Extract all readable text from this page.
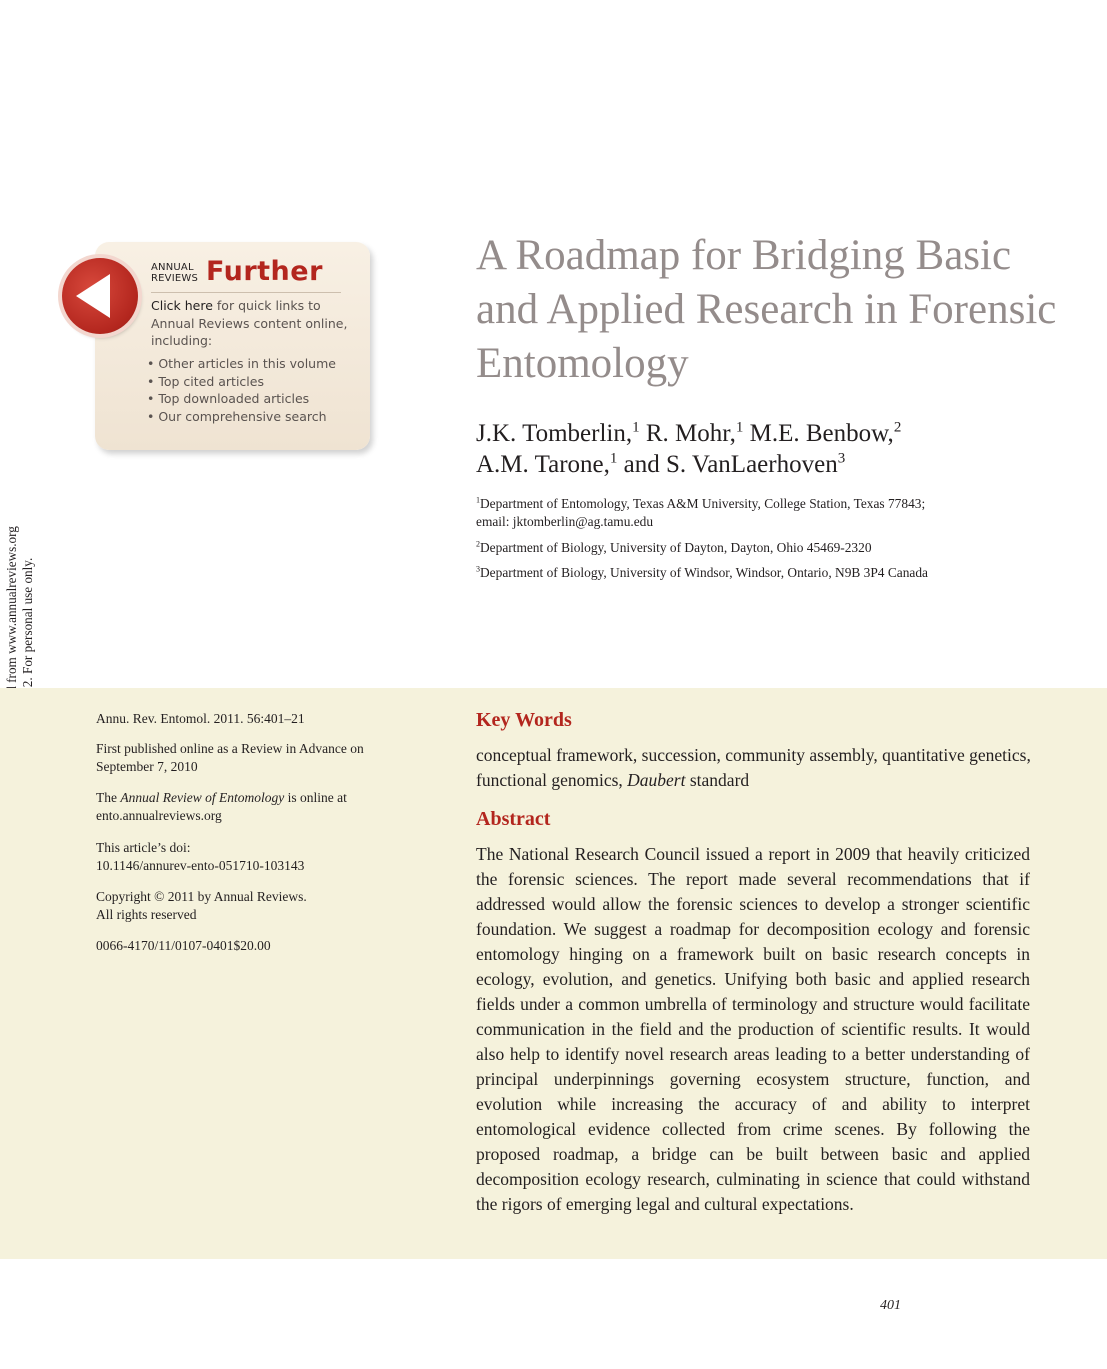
ANNUAL
REVIEWS Further
Click here for quick links to Annual Reviews content online, including:
• Other articles in this volume
• Top cited articles
• Top downloaded articles
• Our comprehensive search
A Roadmap for Bridging Basic and Applied Research in Forensic Entomology

J.K. Tomberlin,$^1$ R. Mohr,$^1$ M.E. Benbow,$^2$
A.M. Tarone,$^1$ and S. VanLaerhoven$^3$

$^1$Department of Entomology, Texas A&M University, College Station, Texas 77843;
email: jktomberlin@ag.tamu.edu

$^2$Department of Biology, University of Dayton, Dayton, Ohio 45469-2320

$^3$Department of Biology, University of Windsor, Windsor, Ontario, N9B 3P4 Canada

Annu. Rev. Entomol. 2011. 56:401–21

First published online as a Review in Advance on September 7, 2010

The Annual Review of Entomology is online at ento.annualreviews.org

This article’s doi:
10.1146/annurev-ento-051710-103143

Copyright © 2011 by Annual Reviews.
All rights reserved

0066-4170/11/0107-0401$20.00

Key Words

conceptual framework, succession, community assembly, quantitative genetics, functional genomics, Daubert standard

Abstract

The National Research Council issued a report in 2009 that heavily criticized the forensic sciences. The report made several recommendations that if addressed would allow the forensic sciences to develop a stronger scientific foundation. We suggest a roadmap for decomposition ecology and forensic entomology hinging on a framework built on basic research concepts in ecology, evolution, and genetics. Unifying both basic and applied research fields under a common umbrella of terminology and structure would facilitate communication in the field and the production of scientific results. It would also help to identify novel research areas leading to a better understanding of principal underpinnings governing ecosystem structure, function, and evolution while increasing the accuracy of and ability to interpret entomological evidence collected from crime scenes. By following the proposed roadmap, a bridge can be built between basic and applied decomposition ecology research, culminating in science that could withstand the rigors of emerging legal and cultural expectations.

401
